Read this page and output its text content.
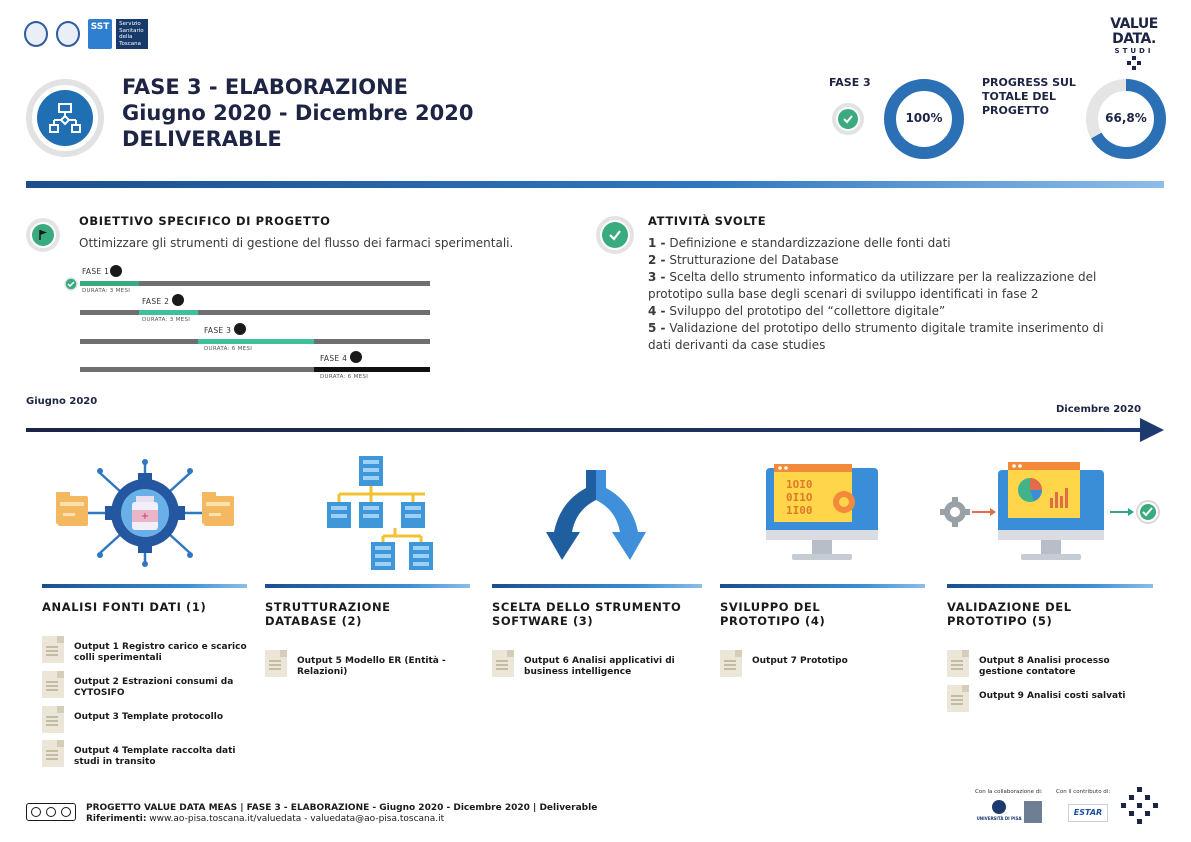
SST	Servizio Sanitario della Toscana
VALUE
DATA.
STUDI
FASE 3 - ELABORAZIONE
Giugno 2020 - Dicembre 2020
DELIVERABLE
FASE 3
100%
PROGRESS SUL TOTALE DEL PROGETTO
66,8%
OBIETTIVO SPECIFICO DI PROGETTO
Ottimizzare gli strumenti di gestione del flusso dei farmaci sperimentali.
FASE 1
DURATA: 3 MESI
FASE 2
DURATA: 3 MESI
FASE 3
DURATA: 6 MESI
FASE 4
DURATA: 6 MESI
ATTIVITÀ SVOLTE
1 - Definizione e standardizzazione delle fonti dati
2 - Strutturazione del Database
3 - Scelta dello strumento informatico da utilizzare per la realizzazione del prototipo sulla base degli scenari di sviluppo identificati in fase 2
4 - Sviluppo del prototipo del “collettore digitale”
5 - Validazione del prototipo dello strumento digitale tramite inserimento di dati derivanti da case studies
Giugno 2020
Dicembre 2020
+
1OI0
0I1O
1I00
ANALISI FONTI DATI (1)
Output 1 Registro carico e scarico colli sperimentali
Output 2 Estrazioni consumi da CYTOSIFO
Output 3 Template protocollo
Output 4 Template raccolta dati studi in transito
STRUTTURAZIONE DATABASE (2)
Output 5 Modello ER (Entità - Relazioni)
SCELTA DELLO STRUMENTO SOFTWARE (3)
Output 6 Analisi applicativi di business intelligence
SVILUPPO DEL PROTOTIPO (4)
Output 7 Prototipo
VALIDAZIONE DEL PROTOTIPO (5)
Output 8 Analisi processo gestione contatore
Output 9 Analisi costi salvati
PROGETTO VALUE DATA MEAS | FASE 3 - ELABORAZIONE - Giugno 2020 - Dicembre 2020 | Deliverable
Riferimenti: www.ao-pisa.toscana.it/valuedata - valuedata@ao-pisa.toscana.it
Con la collaborazione di: Con il contributo di:
UNIVERSITÀ DI PISA
ESTAR
